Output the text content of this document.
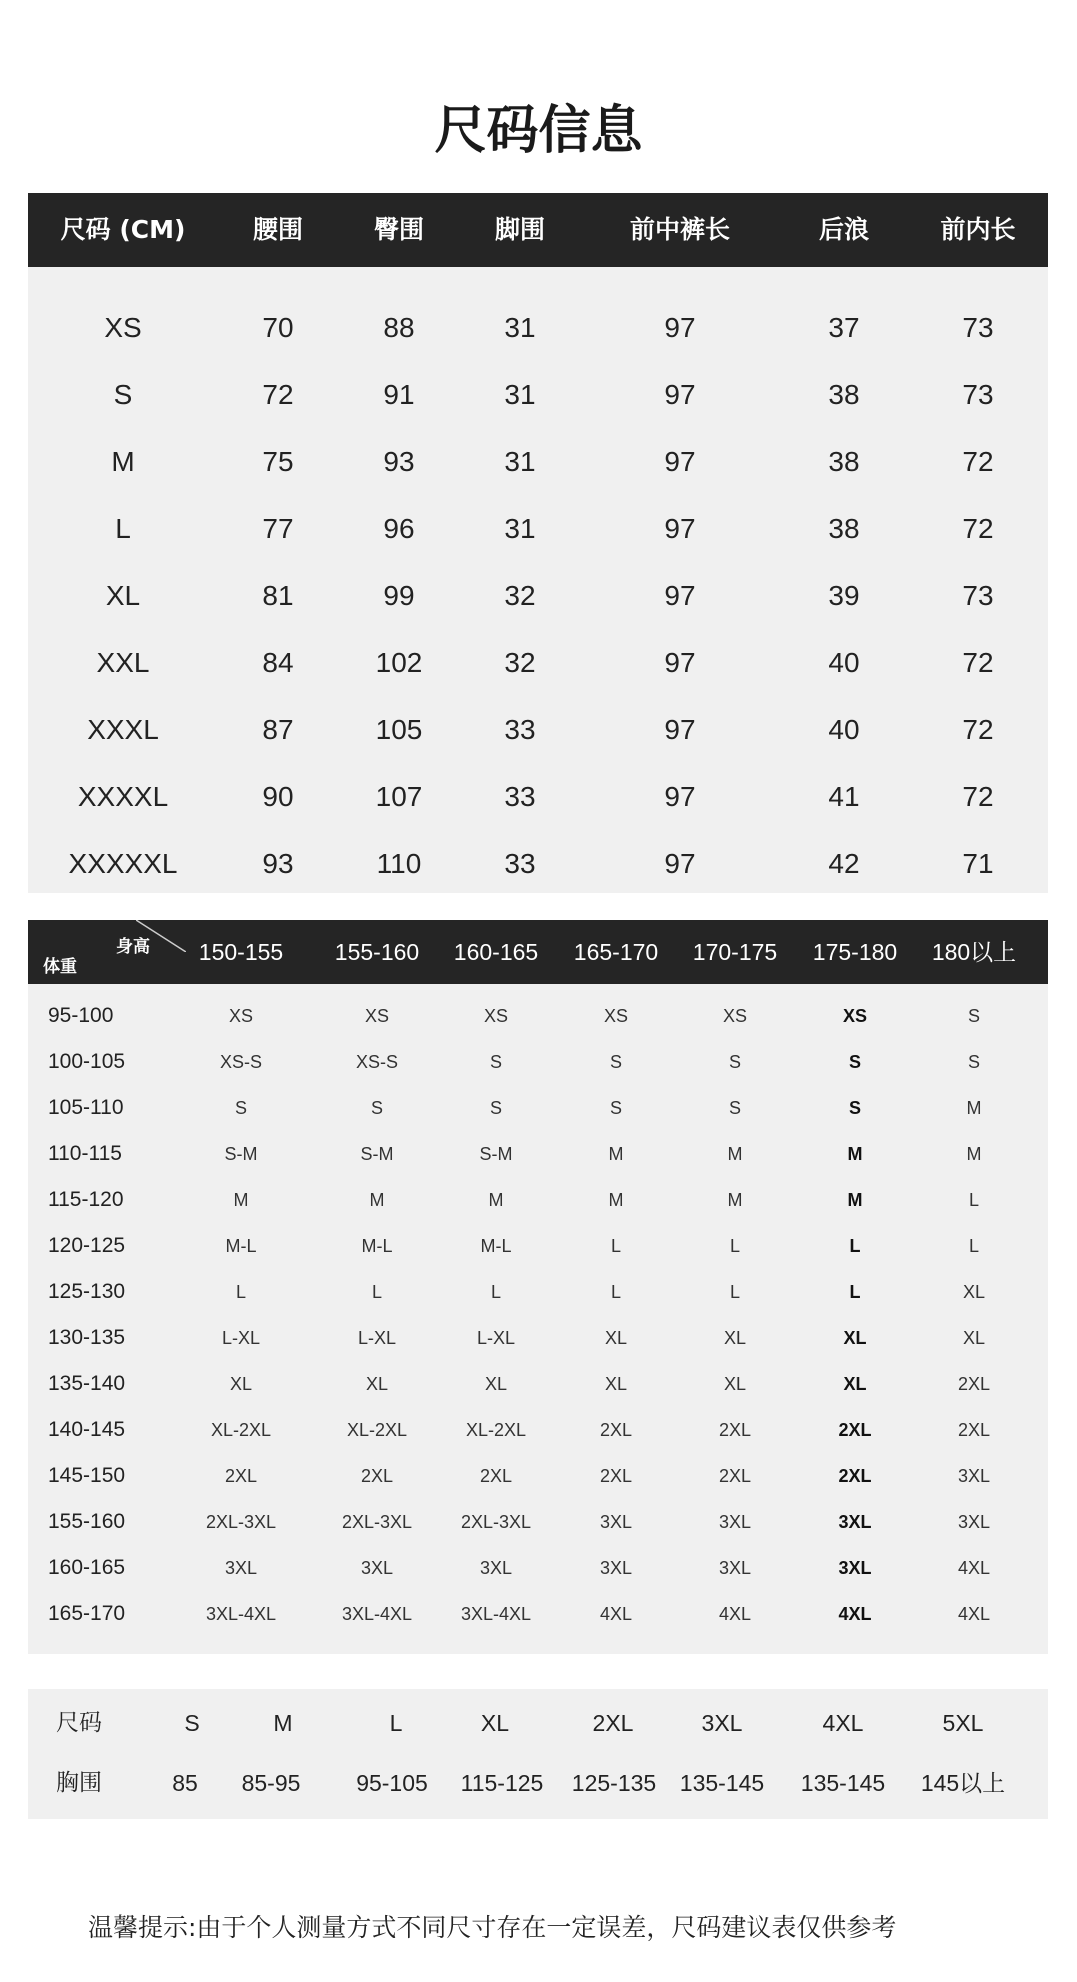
尺码信息
尺码 (CM)	腰围	臀围	脚围	前中裤长	后浪	前内长
XS	70	88	31	97	37	73
S	72	91	31	97	38	73
M	75	93	31	97	38	72
L	77	96	31	97	38	72
XL	81	99	32	97	39	73
XXL	84	102	32	97	40	72
XXXL	87	105	33	97	40	72
XXXXL	90	107	33	97	41	72
XXXXXL	93	110	33	97	42	71
身高
体重
150-155	155-160	160-165	165-170	170-175	175-180	180以上
95-100	XS	XS	XS	XS	XS	XS	S
100-105	XS-S	XS-S	S	S	S	S	S
105-110	S	S	S	S	S	S	M
110-115	S-M	S-M	S-M	M	M	M	M
115-120	M	M	M	M	M	M	L
120-125	M-L	M-L	M-L	L	L	L	L
125-130	L	L	L	L	L	L	XL
130-135	L-XL	L-XL	L-XL	XL	XL	XL	XL
135-140	XL	XL	XL	XL	XL	XL	2XL
140-145	XL-2XL	XL-2XL	XL-2XL	2XL	2XL	2XL	2XL
145-150	2XL	2XL	2XL	2XL	2XL	2XL	3XL
155-160	2XL-3XL	2XL-3XL	2XL-3XL	3XL	3XL	3XL	3XL
160-165	3XL	3XL	3XL	3XL	3XL	3XL	4XL
165-170	3XL-4XL	3XL-4XL	3XL-4XL	4XL	4XL	4XL	4XL
尺码	S	M	L	XL	2XL	3XL	4XL	5XL
胸围	85	85-95	95-105	115-125	125-135	135-145	135-145	145以上
温馨提示:由于个人测量方式不同尺寸存在一定误差，尺码建议表仅供参考
